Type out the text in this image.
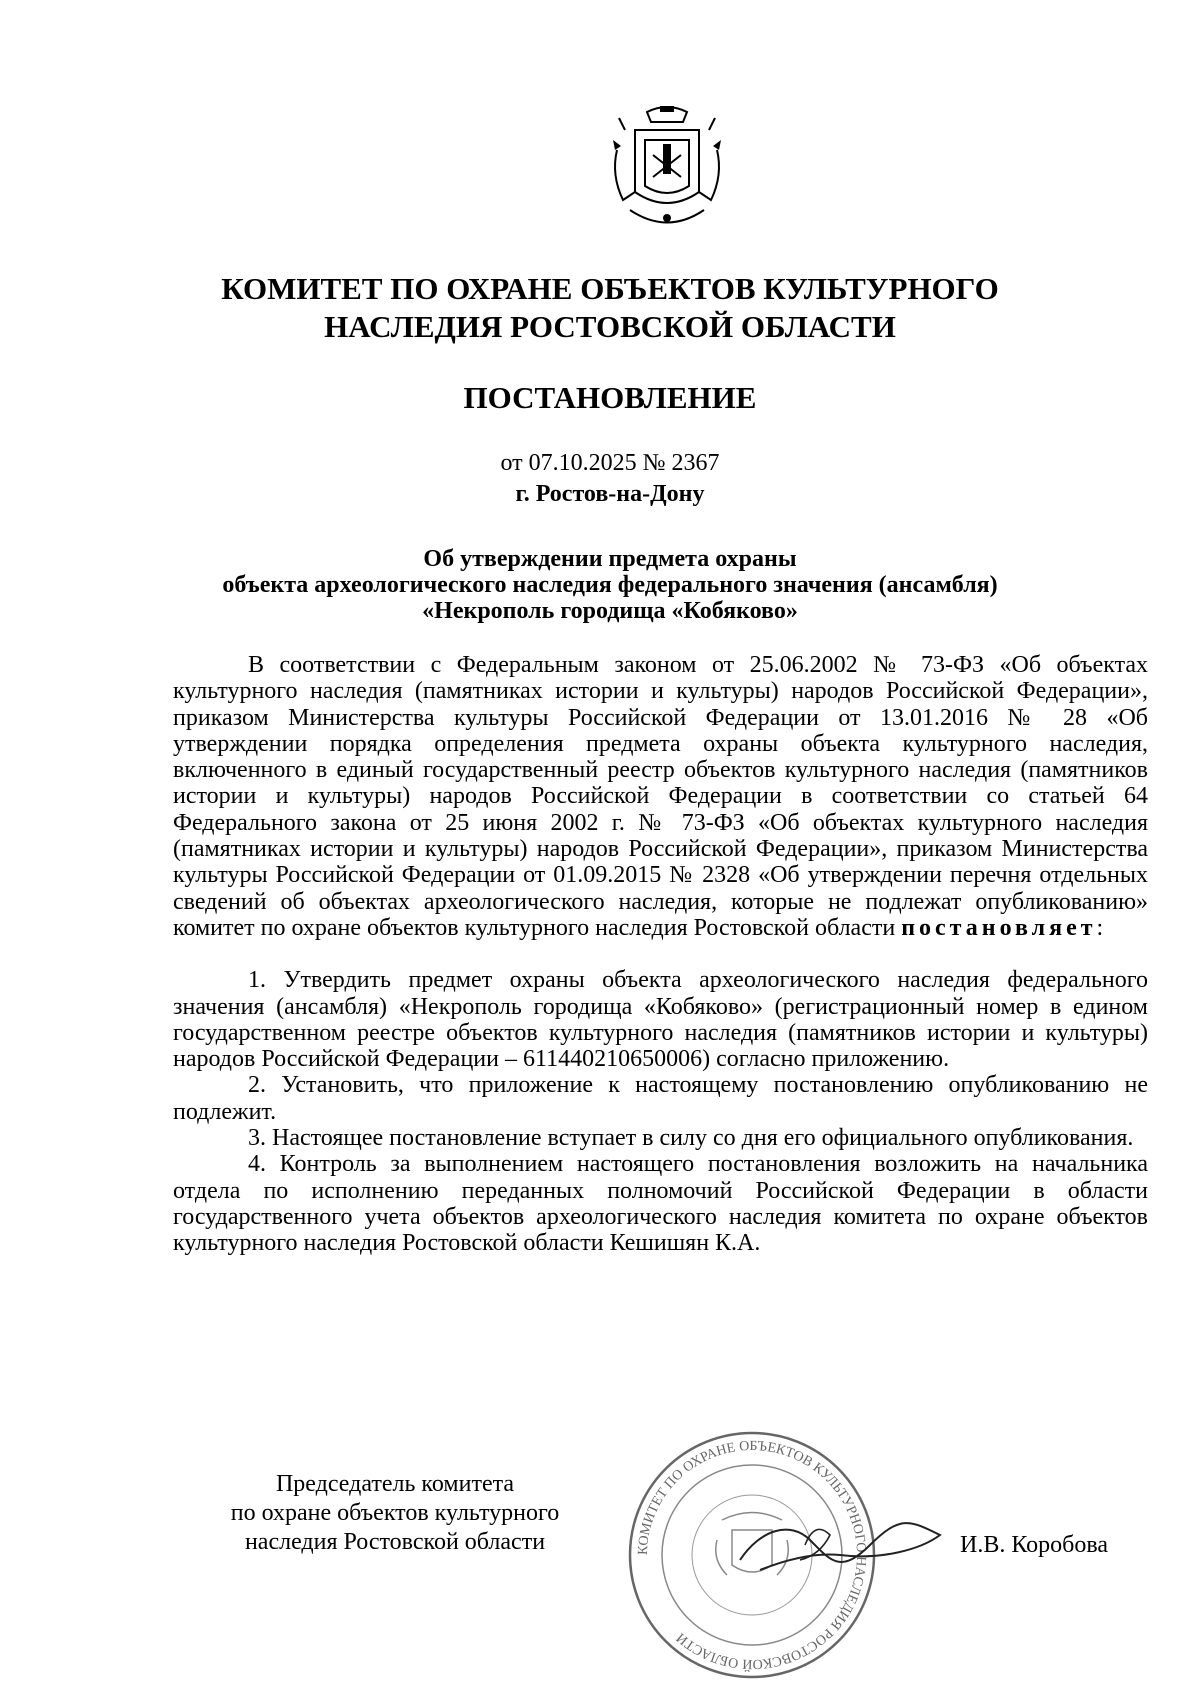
КОМИТЕТ ПО ОХРАНЕ ОБЪЕКТОВ КУЛЬТУРНОГО
НАСЛЕДИЯ РОСТОВСКОЙ ОБЛАСТИ
ПОСТАНОВЛЕНИЕ
от 07.10.2025 № 2367
г. Ростов-на-Дону
Об утверждении предмета охраны
объекта археологического наследия федерального значения (ансамбля)
«Некрополь городища «Кобяково»

В соответствии с Федеральным законом от 25.06.2002 № 73-ФЗ «Об объектах культурного наследия (памятниках истории и культуры) народов Российской Федерации», приказом Министерства культуры Российской Федерации от 13.01.2016 № 28 «Об утверждении порядка определения предмета охраны объекта культурного наследия, включенного в единый государственный реестр объектов культурного наследия (памятников истории и культуры) народов Российской Федерации в соответствии со статьей 64 Федерального закона от 25 июня 2002 г. № 73-ФЗ «Об объектах культурного наследия (памятниках истории и культуры) народов Российской Федерации», приказом Министерства культуры Российской Федерации от 01.09.2015 № 2328 «Об утверждении перечня отдельных сведений об объектах археологического наследия, которые не подлежат опубликованию» комитет по охране объектов культурного наследия Ростовской области постановляет:

1. Утвердить предмет охраны объекта археологического наследия федерального значения (ансамбля) «Некрополь городища «Кобяково» (регистрационный номер в едином государственном реестре объектов культурного наследия (памятников истории и культуры) народов Российской Федерации – 611440210650006) согласно приложению.

2. Установить, что приложение к настоящему постановлению опубликованию не подлежит.

3. Настоящее постановление вступает в силу со дня его официального опубликования.

4. Контроль за выполнением настоящего постановления возложить на начальника отдела по исполнению переданных полномочий Российской Федерации в области государственного учета объектов археологического наследия комитета по охране объектов культурного наследия Ростовской области Кешишян К.А.

Председатель комитета
по охране объектов культурного
наследия Ростовской области	КОМИТЕТ ПО ОХРАНЕ ОБЪЕКТОВ КУЛЬТУРНОГО НАСЛЕДИЯ РОСТОВСКОЙ ОБЛАСТИ
И.В. Коробова
